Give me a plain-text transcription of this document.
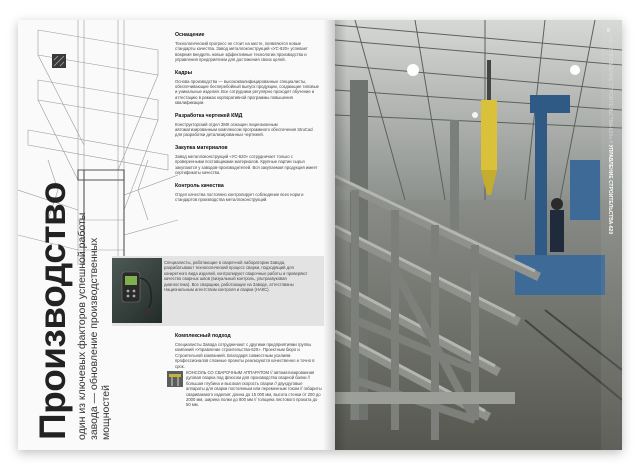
Производство один из ключевых факторов успешной работы завода — обновление производственных мощностей
Оснащение
Технологический прогресс не стоит на месте, появляются новые стандарты качества. Завод металлоконструкций «УС-620» успевает вовремя внедрять новые эффективные технологии производства и управления предприятием для достижения своих целей.
Кадры
Основа производства — высококвалифицированные специалисты, обеспечивающие бесперебойный выпуск продукции, создающие типовые и уникальные изделия. Все сотрудники регулярно проходят обучение и аттестацию в рамках корпоративной программы повышения квалификации.
Разработка чертежей КМД
Конструкторский отдел ЗМК оснащен лицензионным автоматизированным комплексом программного обеспечения StruCad для разработки детализированных чертежей.
Закупка материалов
Завод металлоконструкций «УС-620» сотрудничает только с проверенными поставщиками материалов. Крупные партии сырья закупаются у заводов-производителей. Вся закупаемая продукция имеет сертификаты качества.
Контроль качества
Отдел качества постоянно контролирует соблюдение всех норм и стандартов производства металлоконструкций.
Специалисты, работающие в сварочной лаборатории Завода, разрабатывают технологический процесс сварки, подходящий для конкретного вида изделий, контролируют сварочные работы и проверяют качество сварных швов (визуальный контроль, ультразвуковая диагностика). Все сварщики, работающие на Заводе, аттестованы Национальным агентством контроля и сварки (НАКС).
Комплексный подход
Специалисты Завода сотрудничают с другими предприятиями группы компаний «Управление строительства-620». Проектным бюро и Строительной компанией. Благодаря совместным усилиям профессионалов сложные проекты реализуются качественно и точно в срок.
КОНСОЛЬ СО СВАРОЧНЫМ АППАРАТОМ // автоматизированная дуговая сварка под флюсом для производства сварной балки // большая глубина и высокая скорость сварки // двухдуговые аппараты для сварки постоянным или переменным током // габариты свариваемого изделия: длина до 15 000 мм, высота стенки от 200 до 2000 мм, ширина полки до 800 мм // толщина листового проката до 50 мм.
9
ЗМК «УПРАВЛЕНИЕ СТРОИТЕЛЬСТВА-620» // УПРАВЛЕНИЕ СТРОИТЕЛЬСТВА-620
